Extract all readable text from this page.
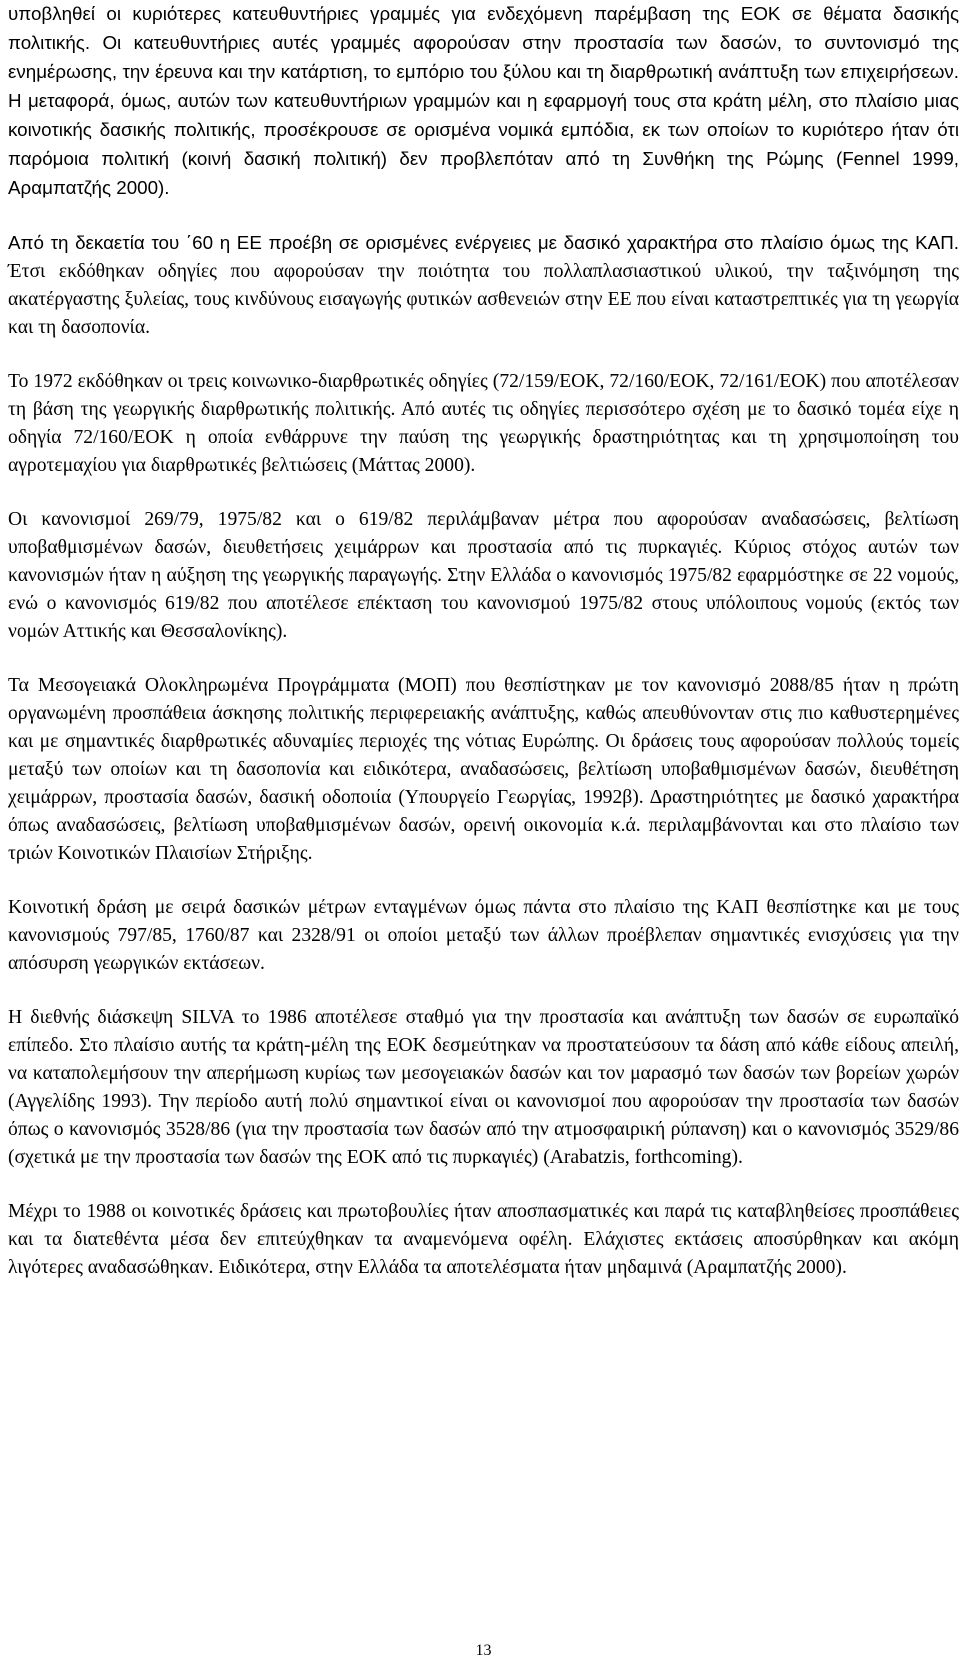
υποβληθεί οι κυριότερες κατευθυντήριες γραμμές για ενδεχόμενη παρέμβαση της ΕΟΚ σε θέματα δασικής πολιτικής. Οι κατευθυντήριες αυτές γραμμές αφορούσαν στην προστασία των δασών, το συντονισμό της ενημέρωσης, την έρευνα και την κατάρτιση, το εμπόριο του ξύλου και τη διαρθρωτική ανάπτυξη των επιχειρήσεων. Η μεταφορά, όμως, αυτών των κατευθυντήριων γραμμών και η εφαρμογή τους στα κράτη μέλη, στο πλαίσιο μιας κοινοτικής δασικής πολιτικής, προσέκρουσε σε ορισμένα νομικά εμπόδια, εκ των οποίων το κυριότερο ήταν ότι παρόμοια πολιτική (κοινή δασική πολιτική) δεν προβλεπόταν από τη Συνθήκη της Ρώμης (Fennel 1999, Αραμπατζής 2000).

Από τη δεκαετία του ΄60 η ΕΕ προέβη σε ορισμένες ενέργειες με δασικό χαρακτήρα στο πλαίσιο όμως της ΚΑΠ. Έτσι εκδόθηκαν οδηγίες που αφορούσαν την ποιότητα του πολλαπλασιαστικού υλικού, την ταξινόμηση της ακατέργαστης ξυλείας, τους κινδύνους εισαγωγής φυτικών ασθενειών στην ΕΕ που είναι καταστρεπτικές για τη γεωργία και τη δασοπονία.

Το 1972 εκδόθηκαν οι τρεις κοινωνικο-διαρθρωτικές οδηγίες (72/159/ΕΟΚ, 72/160/ΕΟΚ, 72/161/ΕΟΚ) που αποτέλεσαν τη βάση της γεωργικής διαρθρωτικής πολιτικής. Από αυτές τις οδηγίες περισσότερο σχέση με το δασικό τομέα είχε η οδηγία 72/160/ΕΟΚ η οποία ενθάρρυνε την παύση της γεωργικής δραστηριότητας και τη χρησιμοποίηση του αγροτεμαχίου για διαρθρωτικές βελτιώσεις (Μάττας 2000).

Οι κανονισμοί 269/79, 1975/82 και ο 619/82 περιλάμβαναν μέτρα που αφορούσαν αναδασώσεις, βελτίωση υποβαθμισμένων δασών, διευθετήσεις χειμάρρων και προστασία από τις πυρκαγιές. Κύριος στόχος αυτών των κανονισμών ήταν η αύξηση της γεωργικής παραγωγής. Στην Ελλάδα ο κανονισμός 1975/82 εφαρμόστηκε σε 22 νομούς, ενώ ο κανονισμός 619/82 που αποτέλεσε επέκταση του κανονισμού 1975/82 στους υπόλοιπους νομούς (εκτός των νομών Αττικής και Θεσσαλονίκης).

Τα Μεσογειακά Ολοκληρωμένα Προγράμματα (ΜΟΠ) που θεσπίστηκαν με τον κανονισμό 2088/85 ήταν η πρώτη οργανωμένη προσπάθεια άσκησης πολιτικής περιφερειακής ανάπτυξης, καθώς απευθύνονταν στις πιο καθυστερημένες και με σημαντικές διαρθρωτικές αδυναμίες περιοχές της νότιας Ευρώπης. Οι δράσεις τους αφορούσαν πολλούς τομείς μεταξύ των οποίων και τη δασοπονία και ειδικότερα, αναδασώσεις, βελτίωση υποβαθμισμένων δασών, διευθέτηση χειμάρρων, προστασία δασών, δασική οδοποιία (Υπουργείο Γεωργίας, 1992β). Δραστηριότητες με δασικό χαρακτήρα όπως αναδασώσεις, βελτίωση υποβαθμισμένων δασών, ορεινή οικονομία κ.ά. περιλαμβάνονται και στο πλαίσιο των τριών Κοινοτικών Πλαισίων Στήριξης.

Κοινοτική δράση με σειρά δασικών μέτρων ενταγμένων όμως πάντα στο πλαίσιο της ΚΑΠ θεσπίστηκε και με τους κανονισμούς 797/85, 1760/87 και 2328/91 οι οποίοι μεταξύ των άλλων προέβλεπαν σημαντικές ενισχύσεις για την απόσυρση γεωργικών εκτάσεων.

Η διεθνής διάσκεψη SILVA το 1986 αποτέλεσε σταθμό για την προστασία και ανάπτυξη των δασών σε ευρωπαϊκό επίπεδο. Στο πλαίσιο αυτής τα κράτη-μέλη της ΕΟΚ δεσμεύτηκαν να προστατεύσουν τα δάση από κάθε είδους απειλή, να καταπολεμήσουν την απερήμωση κυρίως των μεσογειακών δασών και τον μαρασμό των δασών των βορείων χωρών (Αγγελίδης 1993). Την περίοδο αυτή πολύ σημαντικοί είναι οι κανονισμοί που αφορούσαν την προστασία των δασών όπως ο κανονισμός 3528/86 (για την προστασία των δασών από την ατμοσφαιρική ρύπανση) και ο κανονισμός 3529/86 (σχετικά με την προστασία των δασών της ΕΟΚ από τις πυρκαγιές) (Arabatzis, forthcoming).

Μέχρι το 1988 οι κοινοτικές δράσεις και πρωτοβουλίες ήταν αποσπασματικές και παρά τις καταβληθείσες προσπάθειες και τα διατεθέντα μέσα δεν επιτεύχθηκαν τα αναμενόμενα οφέλη. Ελάχιστες εκτάσεις αποσύρθηκαν και ακόμη λιγότερες αναδασώθηκαν. Ειδικότερα, στην Ελλάδα τα αποτελέσματα ήταν μηδαμινά (Αραμπατζής 2000).

13
